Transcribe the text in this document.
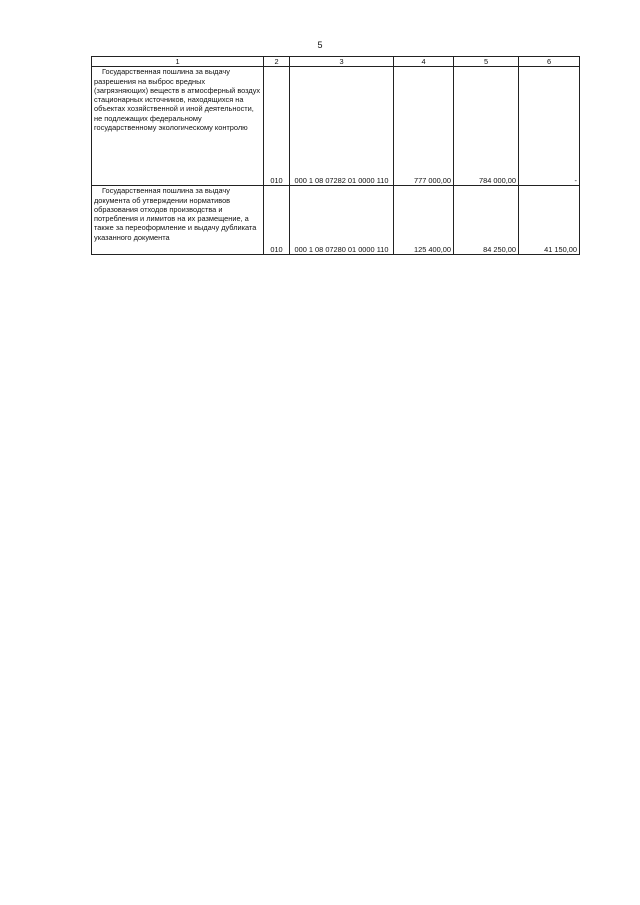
5
1	2	3	4	5	6
Государственная пошлина за выдачу разрешения на выброс вредных (загрязняющих) веществ в атмосферный воздух стационарных источников, находящихся на объектах хозяйственной и иной деятельности, не подлежащих федеральному государственному экологическому контролю	010	000 1 08 07282 01 0000 110	777 000,00	784 000,00	-
Государственная пошлина за выдачу документа об утверждении нормативов образования отходов производства и потребления и лимитов на их размещение, а также за переоформление и выдачу дубликата указанного документа	010	000 1 08 07280 01 0000 110	125 400,00	84 250,00	41 150,00
